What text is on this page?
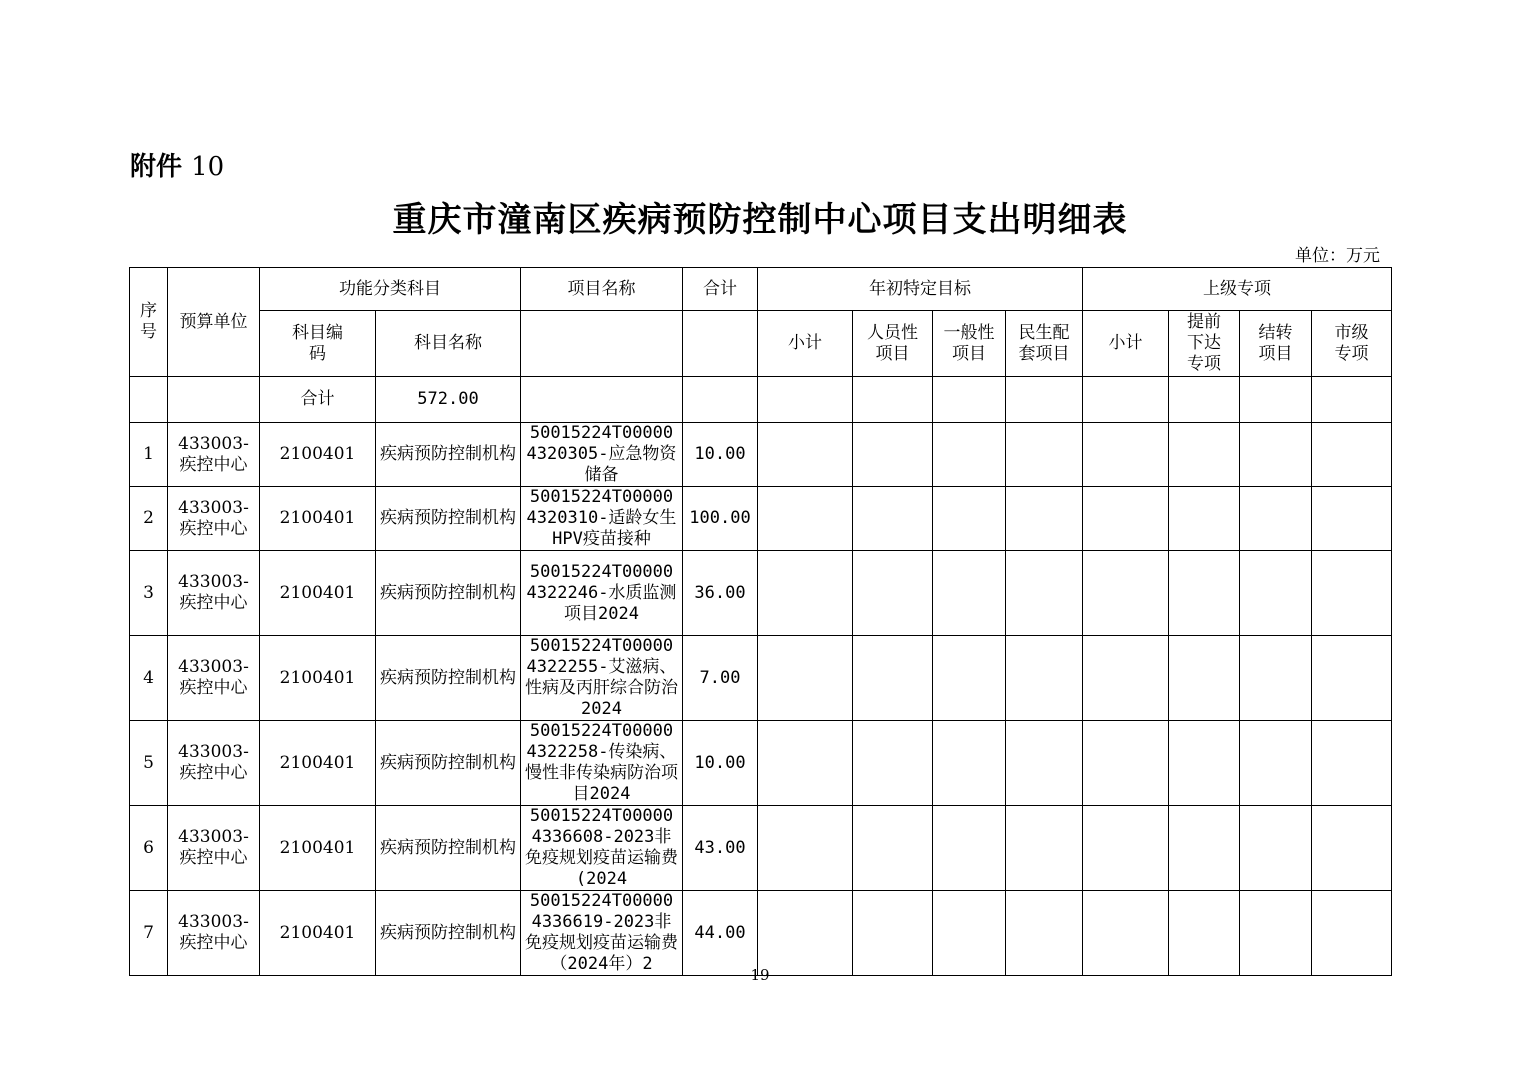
附件 10
重庆市潼南区疾病预防控制中心项目支出明细表
单位：万元
序号	预算单位	功能分类科目		项目名称	合计	年初特定目标				上级专项			
		科目编码	科目名称			小计	人员性项目	一般性项目	民生配套项目	小计	提前下达专项	结转项目	市级专项
		合计	572.00										
1	433003-疾控中心	2100401	疾病预防控制机构	50015224T000004320305-应急物资储备	10.00								
2	433003-疾控中心	2100401	疾病预防控制机构	50015224T000004320310-适龄女生HPV疫苗接种	100.00								
3	433003-疾控中心	2100401	疾病预防控制机构	50015224T000004322246-水质监测项目2024	36.00								
4	433003-疾控中心	2100401	疾病预防控制机构	50015224T000004322255-艾滋病、性病及丙肝综合防治2024	7.00								
5	433003-疾控中心	2100401	疾病预防控制机构	50015224T000004322258-传染病、慢性非传染病防治项目2024	10.00								
6	433003-疾控中心	2100401	疾病预防控制机构	50015224T000004336608-2023非免疫规划疫苗运输费(2024	43.00								
7	433003-疾控中心	2100401	疾病预防控制机构	50015224T000004336619-2023非免疫规划疫苗运输费（2024年）2	44.00								
19
